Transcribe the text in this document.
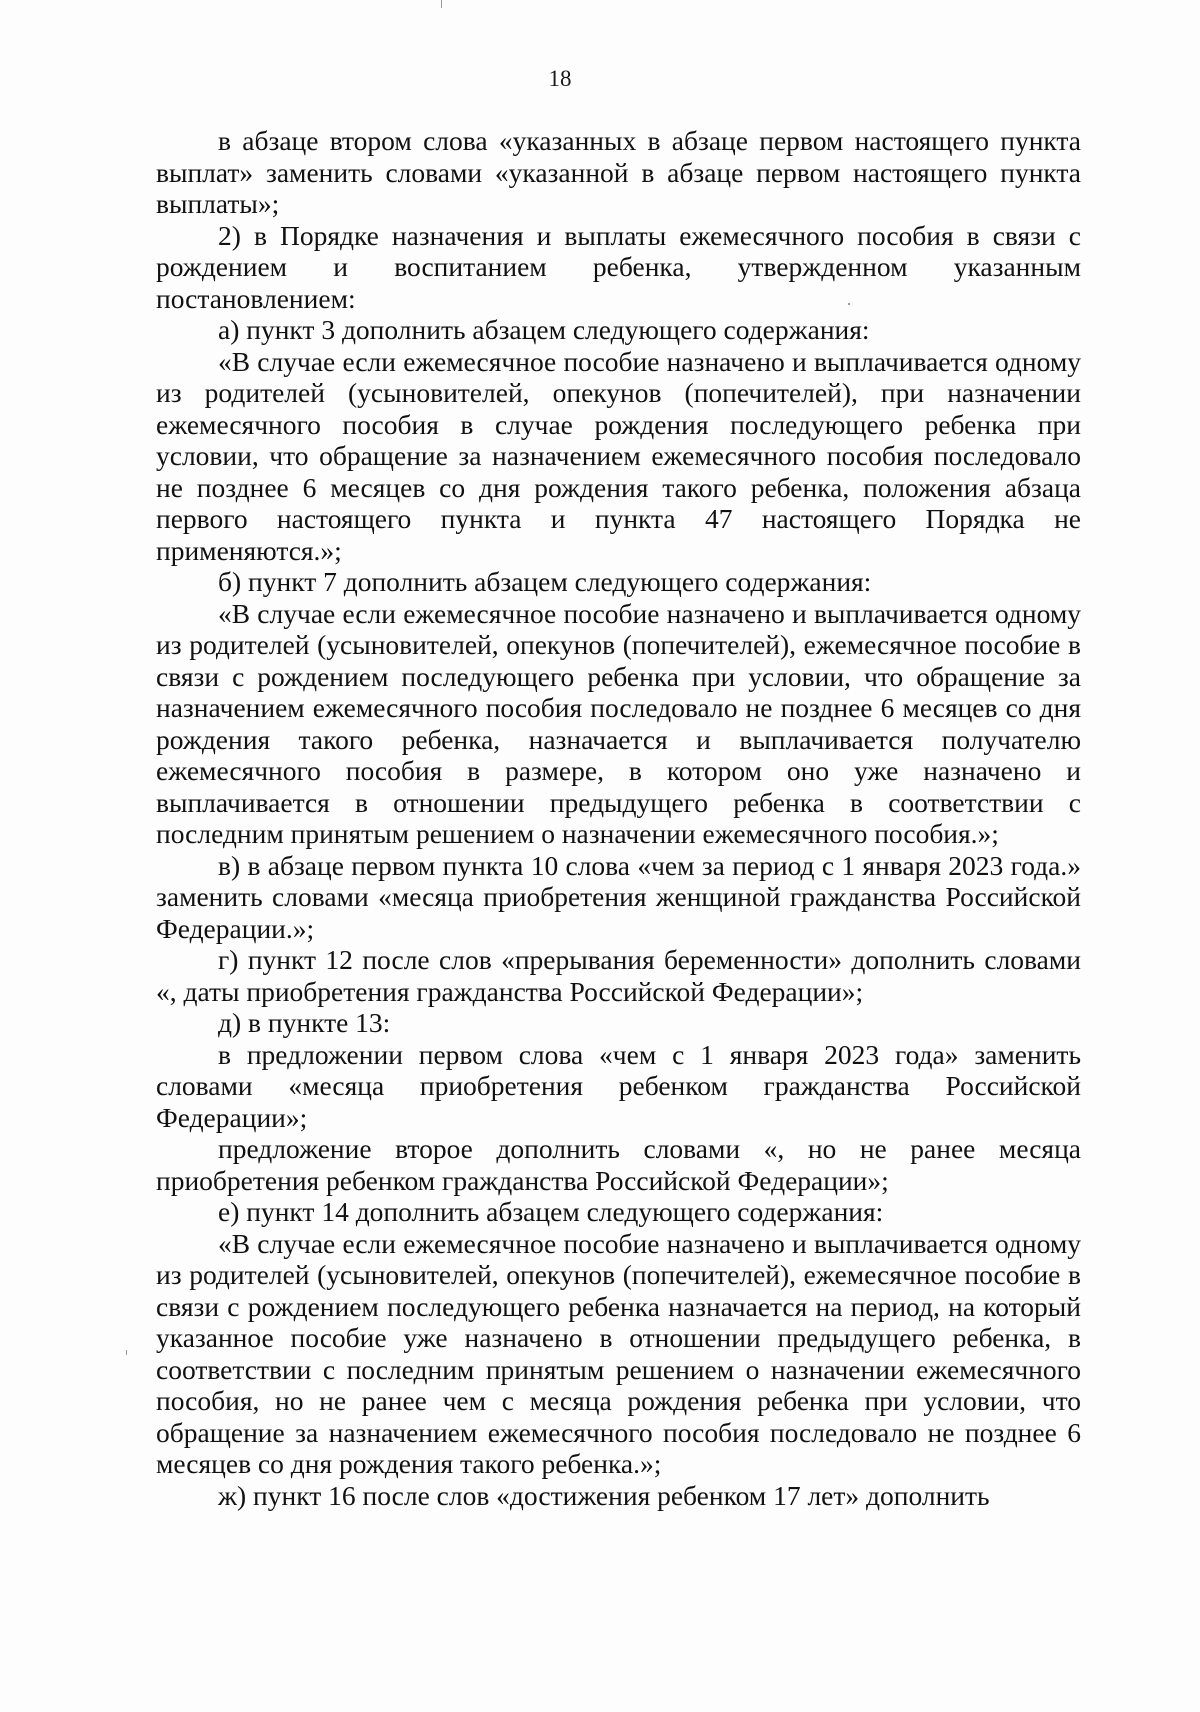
18

в абзаце втором слова «указанных в абзаце первом настоящего пункта выплат» заменить словами «указанной в абзаце первом настоящего пункта выплаты»;

2) в Порядке назначения и выплаты ежемесячного пособия в связи с рождением и воспитанием ребенка, утвержденном указанным постановлением:

а) пункт 3 дополнить абзацем следующего содержания:

«В случае если ежемесячное пособие назначено и выплачивается одному из родителей (усыновителей, опекунов (попечителей), при назначении ежемесячного пособия в случае рождения последующего ребенка при условии, что обращение за назначением ежемесячного пособия последовало не позднее 6 месяцев со дня рождения такого ребенка, положения абзаца первого настоящего пункта и пункта 47 настоящего Порядка не применяются.»;

б) пункт 7 дополнить абзацем следующего содержания:

«В случае если ежемесячное пособие назначено и выплачивается одному из родителей (усыновителей, опекунов (попечителей), ежемесячное пособие в связи с рождением последующего ребенка при условии, что обращение за назначением ежемесячного пособия последовало не позднее 6 месяцев со дня рождения такого ребенка, назначается и выплачивается получателю ежемесячного пособия в размере, в котором оно уже назначено и выплачивается в отношении предыдущего ребенка в соответствии с последним принятым решением о назначении ежемесячного пособия.»;

в) в абзаце первом пункта 10 слова «чем за период с 1 января 2023 года.» заменить словами «месяца приобретения женщиной гражданства Российской Федерации.»;

г) пункт 12 после слов «прерывания беременности» дополнить словами «, даты приобретения гражданства Российской Федерации»;

д) в пункте 13:

в предложении первом слова «чем с 1 января 2023 года» заменить словами «месяца приобретения ребенком гражданства Российской Федерации»;

предложение второе дополнить словами «, но не ранее месяца приобретения ребенком гражданства Российской Федерации»;

е) пункт 14 дополнить абзацем следующего содержания:

«В случае если ежемесячное пособие назначено и выплачивается одному из родителей (усыновителей, опекунов (попечителей), ежемесячное пособие в связи с рождением последующего ребенка назначается на период, на который указанное пособие уже назначено в отношении предыдущего ребенка, в соответствии с последним принятым решением о назначении ежемесячного пособия, но не ранее чем с месяца рождения ребенка при условии, что обращение за назначением ежемесячного пособия последовало не позднее 6 месяцев со дня рождения такого ребенка.»;

ж) пункт 16 после слов «достижения ребенком 17 лет» дополнить
